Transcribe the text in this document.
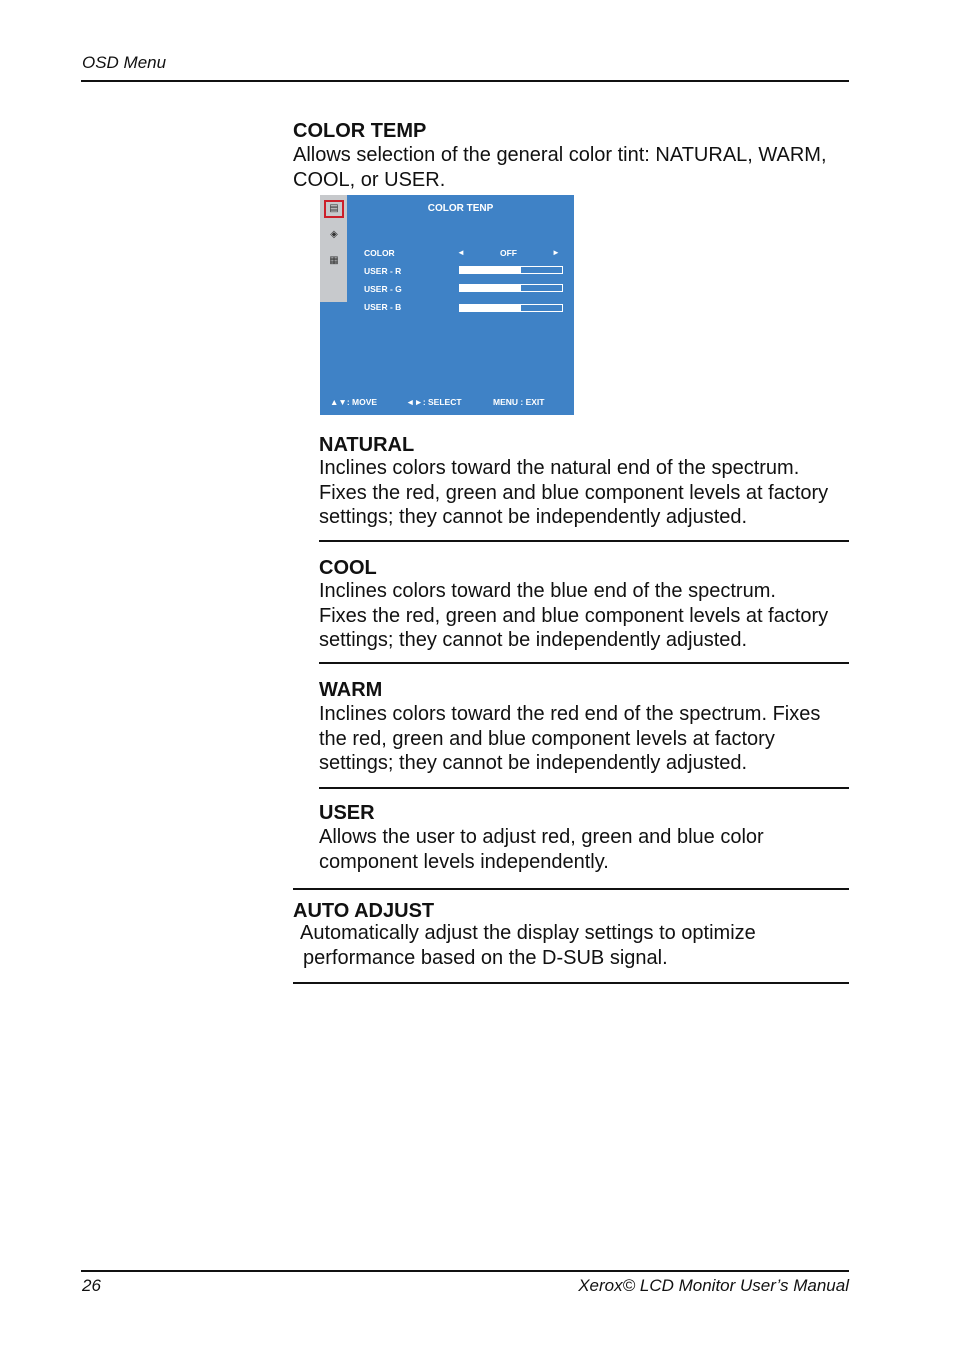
OSD Menu
COLOR TEMP
Allows selection of the general color tint: NATURAL, WARM,
COOL, or USER.
▤
◈
▦
COLOR TENP
COLOR	◄	OFF	►
USER - R
USER - G
USER - B
▲▼: MOVE	◄►: SELECT	MENU : EXIT
NATURAL
Inclines colors toward the natural end of the spectrum.
Fixes the red, green and blue component levels at factory
settings; they cannot be independently adjusted.
COOL
Inclines colors toward the blue end of the spectrum.
Fixes the red, green and blue component levels at factory
settings; they cannot be independently adjusted.
WARM
Inclines colors toward the red end of the spectrum. Fixes
the red, green and blue component levels at factory
settings; they cannot be independently adjusted.
USER
Allows the user to adjust red, green and blue color
component levels independently.
AUTO ADJUST
Automatically adjust the display settings to optimize
performance based on the D-SUB signal.
26	Xerox© LCD Monitor User’s Manual
